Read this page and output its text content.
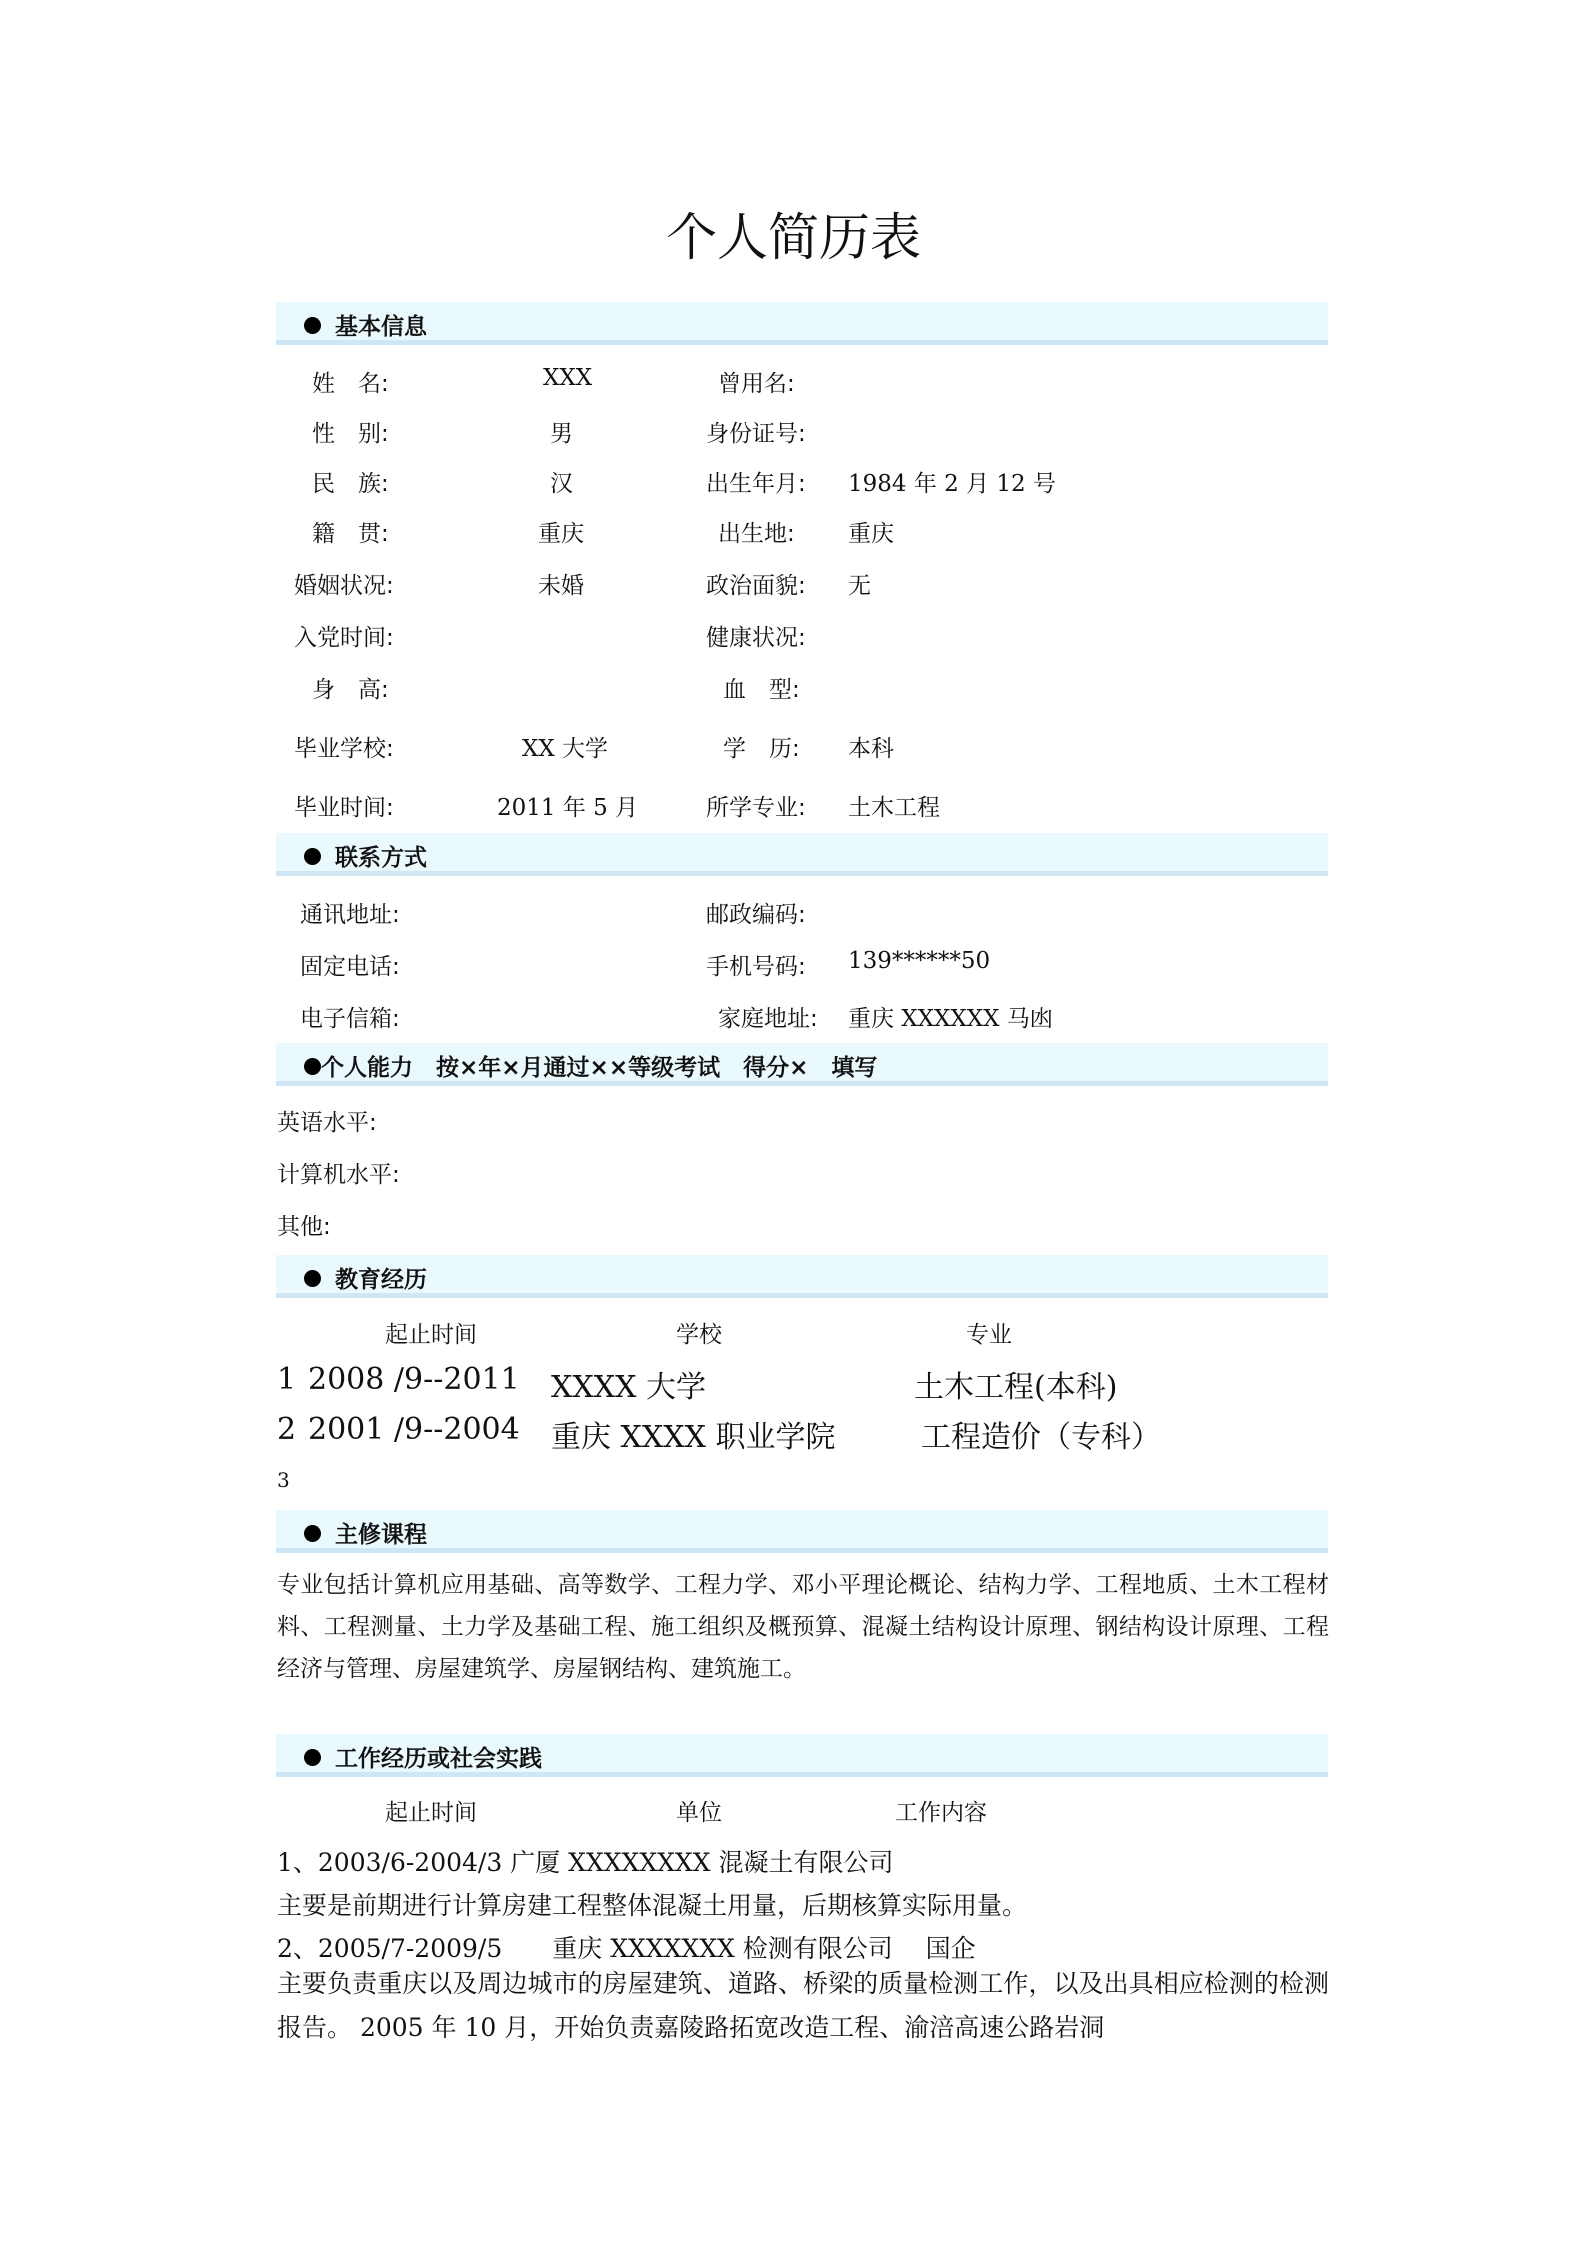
个人简历表
基本信息
姓　名:	XXX	曾用名:
性　别:	男	身份证号:
民　族:	汉	出生年月: 1984 年 2 月 12 号
籍　贯:	重庆	出生地: 重庆
婚姻状况:	未婚	政治面貌: 无
入党时间:	健康状况:
身　高:	血　型:
毕业学校:	XX 大学	学　历: 本科
毕业时间:	2011 年 5 月	所学专业: 土木工程
联系方式
通讯地址:	邮政编码:
固定电话:	手机号码: 139******50
电子信箱:	家庭地址: 重庆 XXXXXX 马凼
个人能力　按×年×月通过××等级考试　得分×　填写
英语水平:
计算机水平:
其他:
教育经历
起止时间	学校	专业
1 2008 /9--2011 XXXX 大学	土木工程(本科)
2 2001 /9--2004 重庆 XXXX 职业学院	工程造价（专科）
3
主修课程
专业包括计算机应用基础、高等数学、工程力学、邓小平理论概论、结构力学、工程地质、土木工程材料、工程测量、土力学及基础工程、施工组织及概预算、混凝土结构设计原理、钢结构设计原理、工程经济与管理、房屋建筑学、房屋钢结构、建筑施工。
工作经历或社会实践
起止时间	单位	工作内容
1、2003/6-2004/3 广厦 XXXXXXXX 混凝土有限公司
主要是前期进行计算房建工程整体混凝土用量，后期核算实际用量。
2、2005/7-2009/5　　重庆 XXXXXXX 检测有限公司　 国企
主要负责重庆以及周边城市的房屋建筑、道路、桥梁的质量检测工作，以及出具相应检测的检测报告。 2005 年 10 月，开始负责嘉陵路拓宽改造工程、渝涪高速公路岩洞
